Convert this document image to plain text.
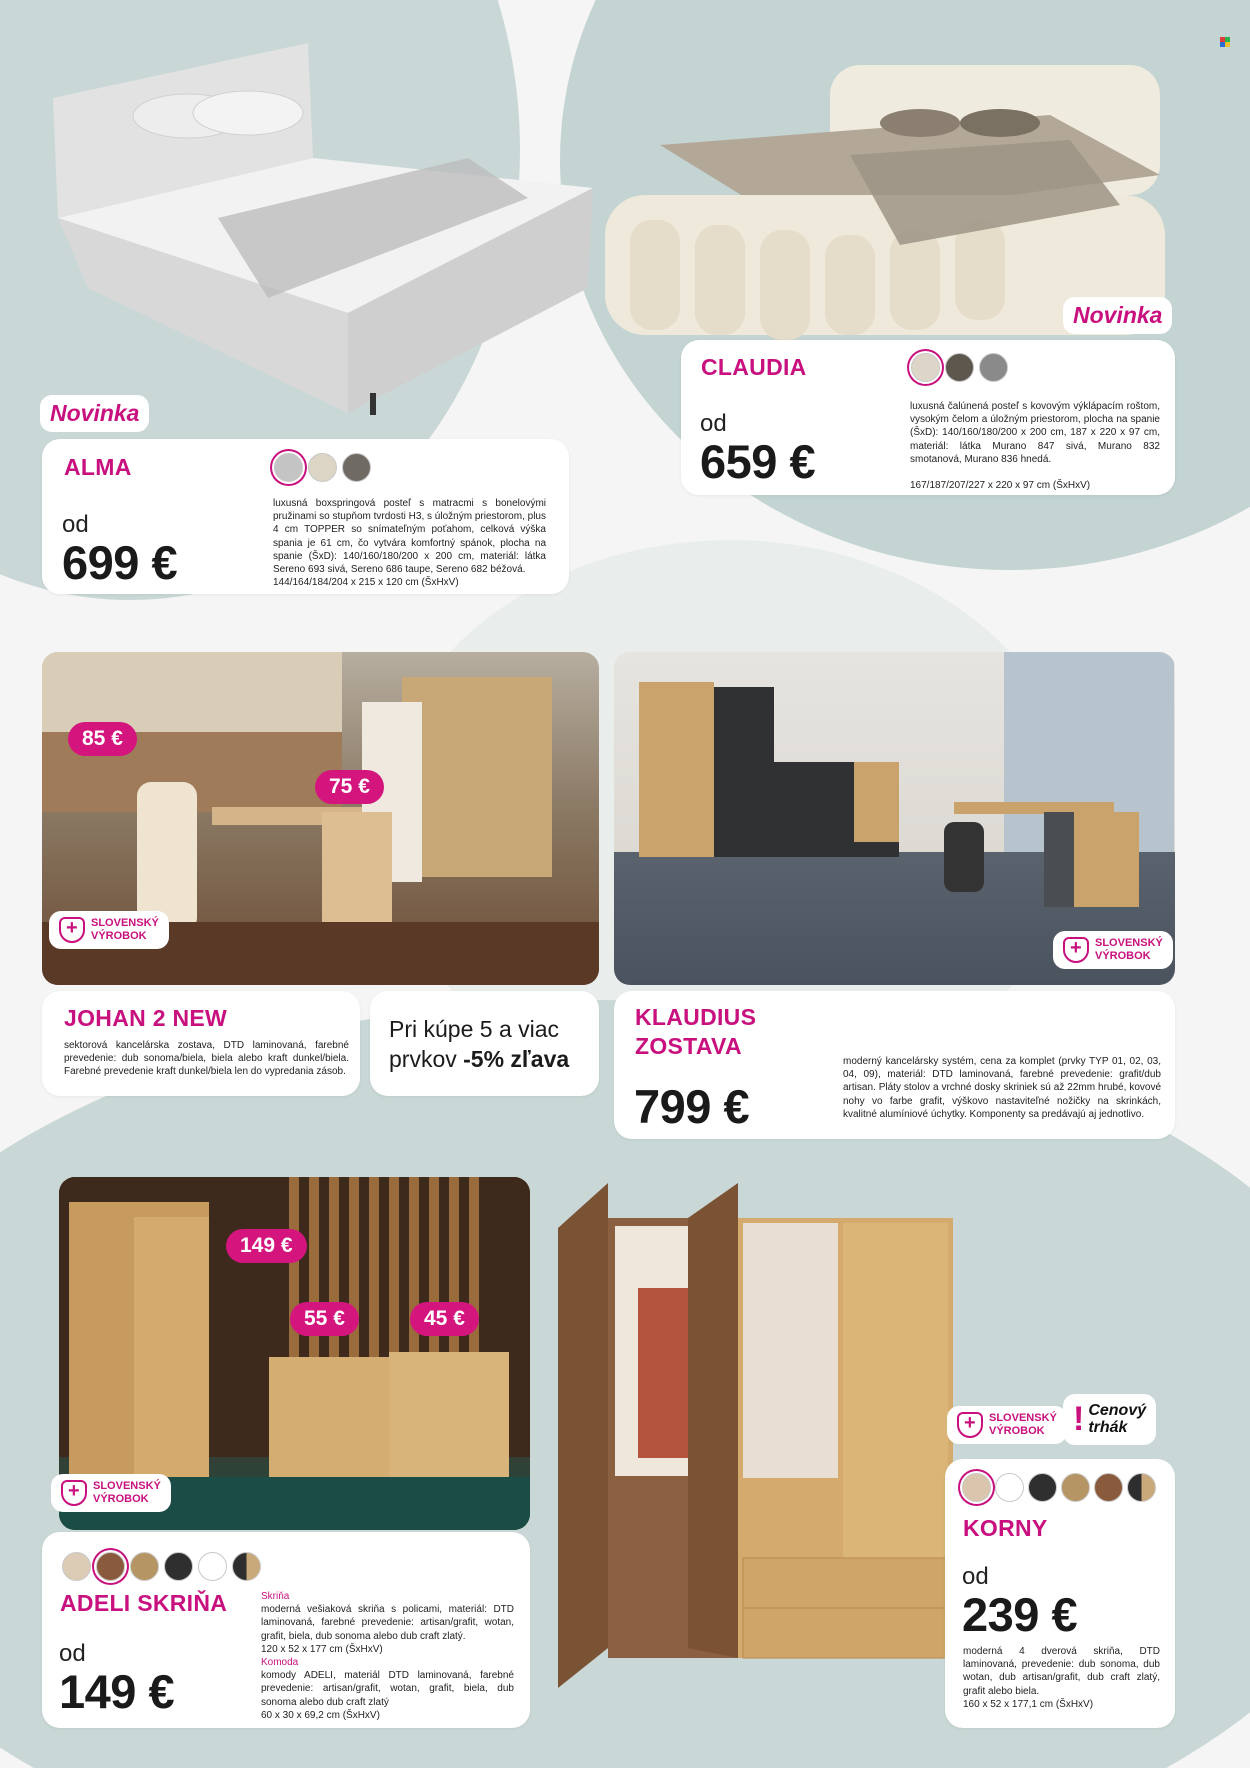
Novinka
ALMA
od
699 €
luxusná boxspringová posteľ s matracmi s bonelovými pružinami so stupňom tvrdosti H3, s úložným priestorom, plus 4 cm TOPPER so snímateľným poťahom, celková výška spania je 61 cm, čo vytvára komfortný spánok, plocha na spanie (ŠxD): 140/160/180/200 x 200 cm, materiál: látka Sereno 693 sivá, Sereno 686 taupe, Sereno 682 béžová.
144/164/184/204 x 215 x 120 cm (ŠxHxV)
Novinka
CLAUDIA
od
659 €
luxusná čalúnená posteľ s kovovým výklápacím roštom, vysokým čelom a úložným priestorom, plocha na spanie (ŠxD): 140/160/180/200 x 200 cm, 187 x 220 x 97 cm, materiál: látka Murano 847 sivá, Murano 832 smotanová, Murano 836 hnedá.

167/187/207/227 x 220 x 97 cm (ŠxHxV)
85 €
75 €
+
SLOVENSKÝ
VÝROBOK
JOHAN 2 NEW
sektorová kancelárska zostava, DTD laminovaná, farebné prevedenie: dub sonoma/biela, biela alebo kraft dunkel/biela. Farebné prevedenie kraft dunkel/biela len do vypredania zásob.
Pri kúpe 5 a viac
prvkov -5% zľava
+
SLOVENSKÝ
VÝROBOK
KLAUDIUS
ZOSTAVA
799 €
moderný kancelársky systém, cena za komplet (prvky TYP 01, 02, 03, 04, 09), materiál: DTD laminovaná, farebné prevedenie: grafit/dub artisan. Pláty stolov a vrchné dosky skriniek sú až 22mm hrubé, kovové nohy vo farbe grafit, výškovo nastaviteľné nožičky na skrinkách, kvalitné alumíniové úchytky. Komponenty sa predávajú aj jednotlivo.
149 €
55 €	45 €
+
SLOVENSKÝ
VÝROBOK
ADELI SKRIŇA
od
149 €
Skriňa
moderná vešiaková skriňa s policami, materiál: DTD laminovaná, farebné prevedenie: artisan/grafit, wotan, grafit, biela, dub sonoma alebo dub craft zlatý.
120 x 52 x 177 cm (ŠxHxV)
Komoda
komody ADELI, materiál DTD laminovaná, farebné prevedenie: artisan/grafit, wotan, grafit, biela, dub sonoma alebo dub craft zlatý
60 x 30 x 69,2 cm (ŠxHxV)
+
SLOVENSKÝ
VÝROBOK ! Cenový
trhák
KORNY
od
239 €
moderná 4 dverová skriňa, DTD laminovaná, prevedenie: dub sonoma, dub wotan, dub artisan/grafit, dub craft zlatý, grafit alebo biela.
160 x 52 x 177,1 cm (ŠxHxV)
